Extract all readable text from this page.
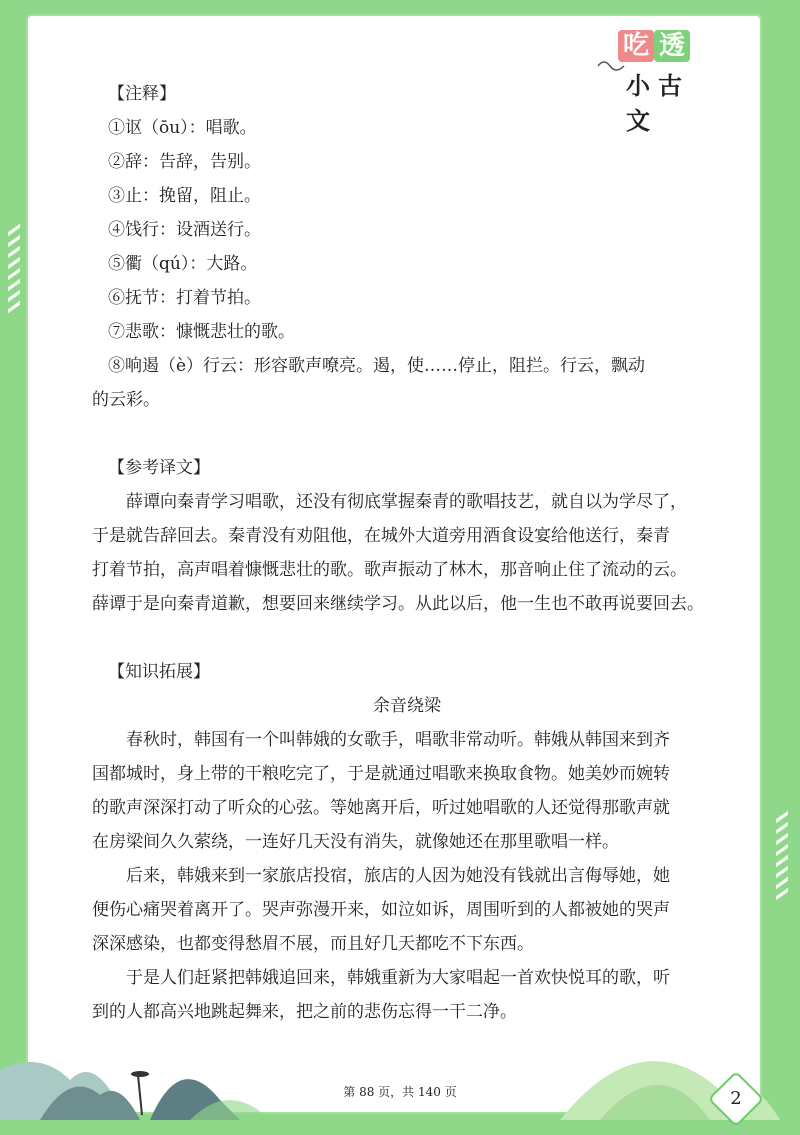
吃 透
小古文

【注释】

①讴（ōu）：唱歌。

②辞：告辞，告别。

③止：挽留，阻止。

④饯行：设酒送行。

⑤衢（qú）：大路。

⑥抚节：打着节拍。

⑦悲歌：慷慨悲壮的歌。

⑧响遏（è）行云：形容歌声嘹亮。遏，使……停止，阻拦。行云，飘动

的云彩。

【参考译文】

薛谭向秦青学习唱歌，还没有彻底掌握秦青的歌唱技艺，就自以为学尽了，

于是就告辞回去。秦青没有劝阻他，在城外大道旁用酒食设宴给他送行，秦青

打着节拍，高声唱着慷慨悲壮的歌。歌声振动了林木，那音响止住了流动的云。

薛谭于是向秦青道歉，想要回来继续学习。从此以后，他一生也不敢再说要回去。

【知识拓展】

余音绕梁

春秋时，韩国有一个叫韩娥的女歌手，唱歌非常动听。韩娥从韩国来到齐

国都城时，身上带的干粮吃完了，于是就通过唱歌来换取食物。她美妙而婉转

的歌声深深打动了听众的心弦。等她离开后，听过她唱歌的人还觉得那歌声就

在房梁间久久萦绕，一连好几天没有消失，就像她还在那里歌唱一样。

后来，韩娥来到一家旅店投宿，旅店的人因为她没有钱就出言侮辱她，她

便伤心痛哭着离开了。哭声弥漫开来，如泣如诉，周围听到的人都被她的哭声

深深感染，也都变得愁眉不展，而且好几天都吃不下东西。

于是人们赶紧把韩娥追回来，韩娥重新为大家唱起一首欢快悦耳的歌，听

到的人都高兴地跳起舞来，把之前的悲伤忘得一干二净。

第 88 页，共 140 页	2
